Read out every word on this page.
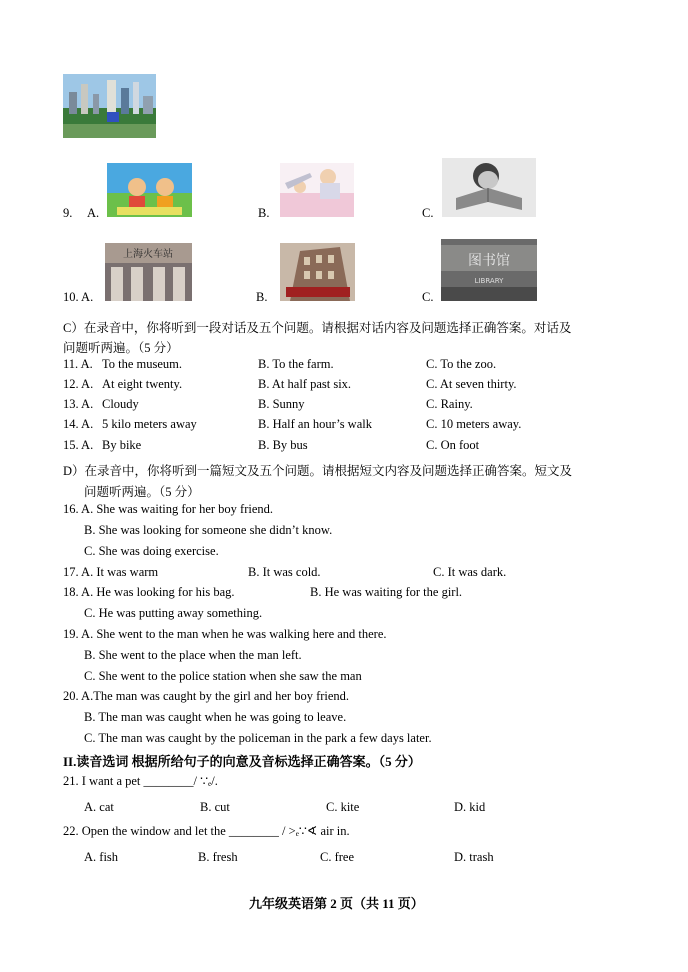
9. A.	B.	C.
10. A.
上海火车站
B.	C.
图书馆
LIBRARY
C）在录音中，你将听到一段对话及五个问题。请根据对话内容及问题选择正确答案。对话及
问题听两遍。（5 分）
11. A. To the museum.	B. To the farm.	C. To the zoo.
12. A. At eight twenty.	B. At half past six.	C. At seven thirty.
13. A. Cloudy	B. Sunny	C. Rainy.
14. A. 5 kilo meters away	B. Half an hour’s walk	C. 10 meters away.
15. A. By bike	B. By bus	C. On foot
D）在录音中，你将听到一篇短文及五个问题。请根据短文内容及问题选择正确答案。短文及
问题听两遍。（5 分）
16. A. She was waiting for her boy friend.
B. She was looking for someone she didn’t know.
C. She was doing exercise.
17. A. It was warm	B. It was cold.	C. It was dark.
18. A. He was looking for his bag.	B. He was waiting for the girl.
C. He was putting away something.
19. A. She went to the man when he was walking here and there.
B. She went to the place when the man left.
C. She went to the police station when she saw the man
20. A.The man was caught by the girl and her boy friend.
B. The man was caught when he was going to leave.
C. The man was caught by the policeman in the park a few days later.
II.读音选词 根据所给句子的向意及音标选择正确答案。（5 分）
21. I want a pet ________/ ∵ₑ/.
A. cat	B. cut	C. kite	D. kid
22. Open the window and let the ________ / >ₑ∵∢ air in.
A. fish	B. fresh	C. free	D. trash
九年级英语第 2 页（共 11 页）
